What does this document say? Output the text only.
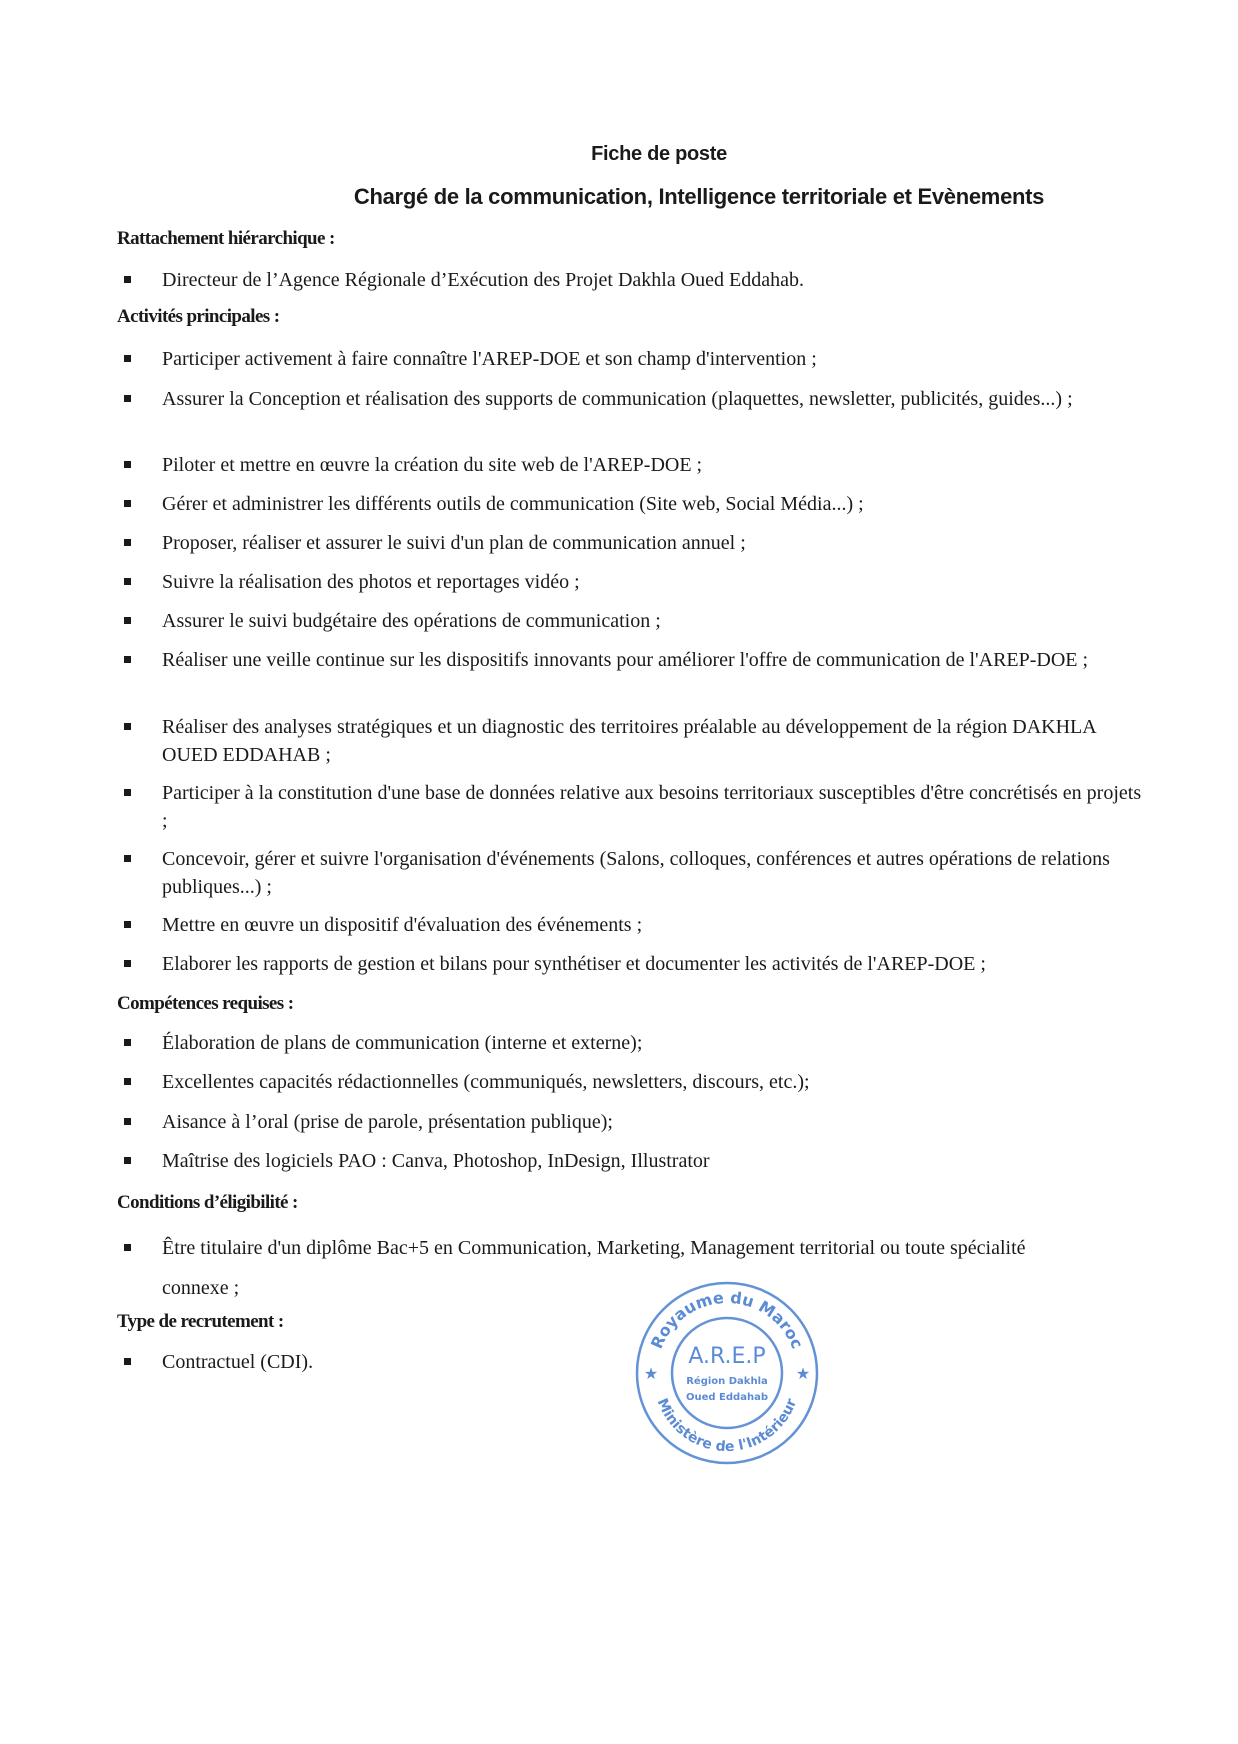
Fiche de poste
Chargé de la communication, Intelligence territoriale et Evènements
Rattachement hiérarchique :
Directeur de l’Agence Régionale d’Exécution des Projet Dakhla Oued Eddahab.
Activités principales :
Participer activement à faire connaître l'AREP-DOE et son champ d'intervention ;
Assurer la Conception et réalisation des supports de communication (plaquettes, newsletter, publicités, guides...) ;
Piloter et mettre en œuvre la création du site web de l'AREP-DOE ;
Gérer et administrer les différents outils de communication (Site web, Social Média...) ;
Proposer, réaliser et assurer le suivi d'un plan de communication annuel ;
Suivre la réalisation des photos et reportages vidéo ;
Assurer le suivi budgétaire des opérations de communication ;
Réaliser une veille continue sur les dispositifs innovants pour améliorer l'offre de communication de l'AREP-DOE ;
Réaliser des analyses stratégiques et un diagnostic des territoires préalable au développement de la région DAKHLA OUED EDDAHAB ;
Participer à la constitution d'une base de données relative aux besoins territoriaux susceptibles d'être concrétisés en projets ;
Concevoir, gérer et suivre l'organisation d'événements (Salons, colloques, conférences et autres opérations de relations publiques...) ;
Mettre en œuvre un dispositif d'évaluation des événements ;
Elaborer les rapports de gestion et bilans pour synthétiser et documenter les activités de l'AREP-DOE ;
Compétences requises :
Élaboration de plans de communication (interne et externe);
Excellentes capacités rédactionnelles (communiqués, newsletters, discours, etc.);
Aisance à l’oral (prise de parole, présentation publique);
Maîtrise des logiciels PAO : Canva, Photoshop, InDesign, Illustrator
Conditions d’éligibilité :
Être titulaire d'un diplôme Bac+5 en Communication, Marketing, Management territorial ou toute spécialité connexe ;
Type de recrutement :
Contractuel (CDI).
Royaume du Maroc
Ministère de l'Intérieur
A.R.E.P
Région Dakhla
Oued Eddahab
★	★
